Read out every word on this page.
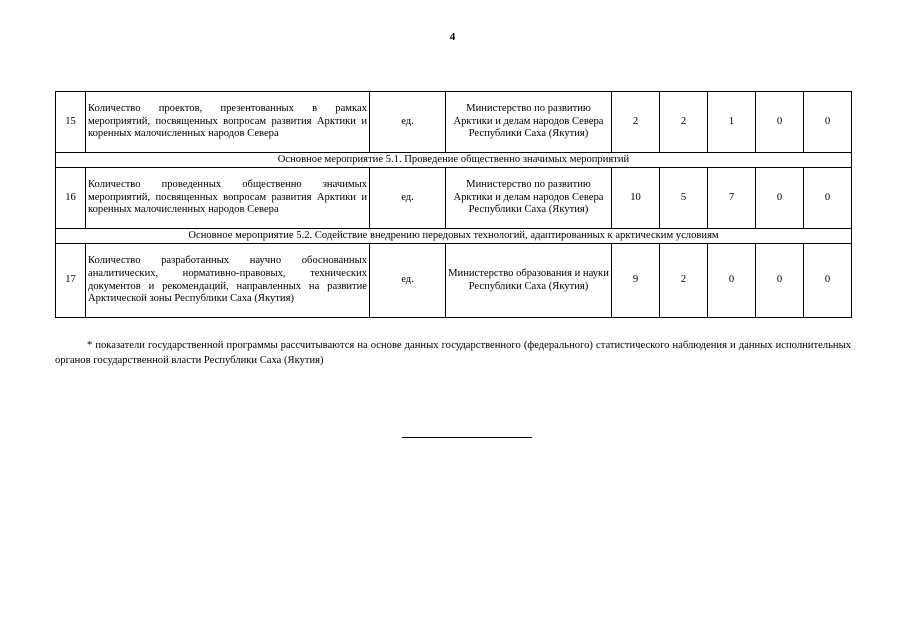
4
15	Количество проектов, презентованных в рамках мероприятий, посвященных вопросам развития Арктики и коренных малочисленных народов Севера	ед.	Министерство по развитию Арктики и делам народов Севера Республики Саха (Якутия)	2	2	1	0	0
Основное мероприятие 5.1. Проведение общественно значимых мероприятий								
16	Количество проведенных общественно значимых мероприятий, посвященных вопросам развития Арктики и коренных малочисленных народов Севера	ед.	Министерство по развитию Арктики и делам народов Севера Республики Саха (Якутия)	10	5	7	0	0
Основное мероприятие 5.2. Содействие внедрению передовых технологий, адаптированных к арктическим условиям								
17	Количество разработанных научно обоснованных аналитических, нормативно-правовых, технических документов и рекомендаций, направленных на развитие Арктической зоны Республики Саха (Якутия)	ед.	Министерство образования и науки Республики Саха (Якутия)	9	2	0	0	0
* показатели государственной программы рассчитываются на основе данных государственного (федерального) статистического наблюдения и данных исполнительных органов государственной власти Республики Саха (Якутия)
